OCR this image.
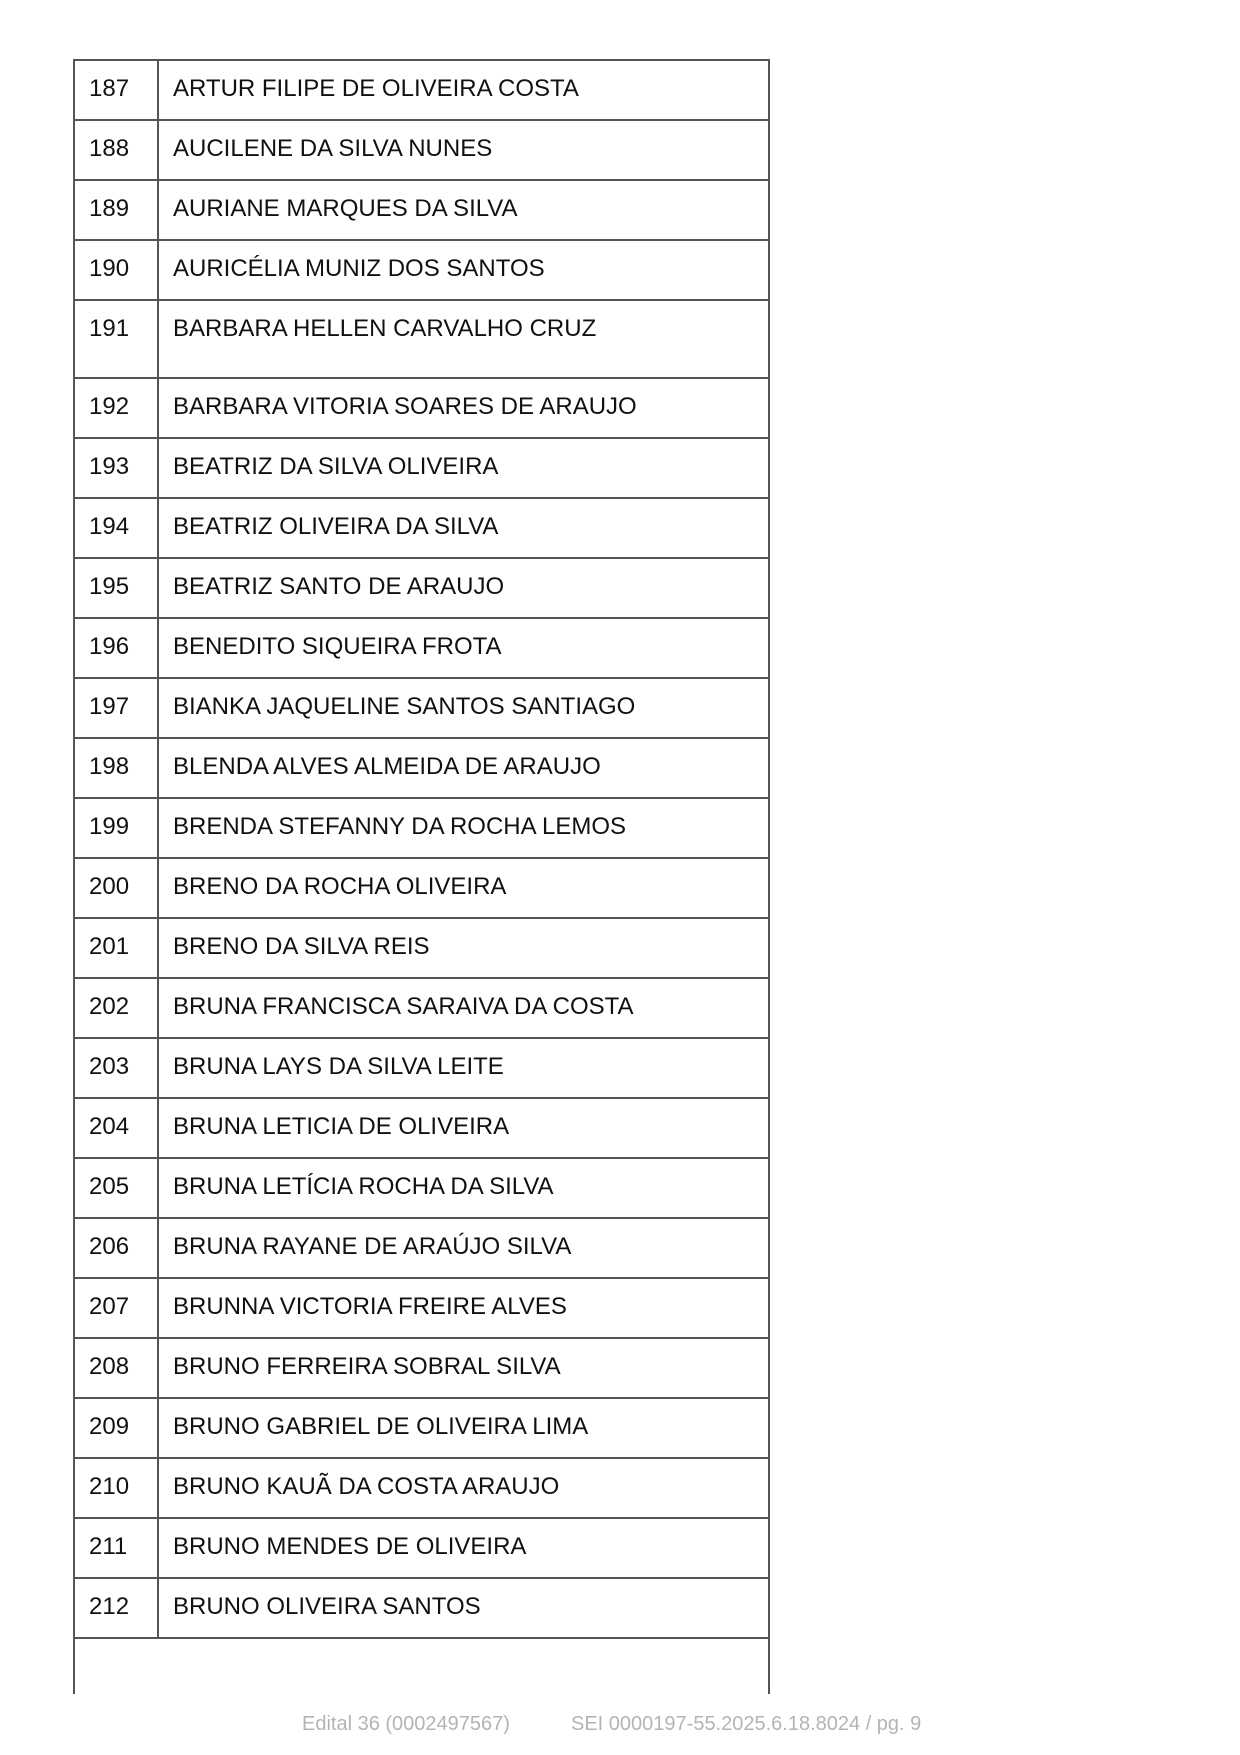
187	ARTUR FILIPE DE OLIVEIRA COSTA
188	AUCILENE DA SILVA NUNES
189	AURIANE MARQUES DA SILVA
190	AURICÉLIA MUNIZ DOS SANTOS
191	BARBARA HELLEN CARVALHO CRUZ
192	BARBARA VITORIA SOARES DE ARAUJO
193	BEATRIZ DA SILVA OLIVEIRA
194	BEATRIZ OLIVEIRA DA SILVA
195	BEATRIZ SANTO DE ARAUJO
196	BENEDITO SIQUEIRA FROTA
197	BIANKA JAQUELINE SANTOS SANTIAGO
198	BLENDA ALVES ALMEIDA DE ARAUJO
199	BRENDA STEFANNY DA ROCHA LEMOS
200	BRENO DA ROCHA OLIVEIRA
201	BRENO DA SILVA REIS
202	BRUNA FRANCISCA SARAIVA DA COSTA
203	BRUNA LAYS DA SILVA LEITE
204	BRUNA LETICIA DE OLIVEIRA
205	BRUNA LETÍCIA ROCHA DA SILVA
206	BRUNA RAYANE DE ARAÚJO SILVA
207	BRUNNA VICTORIA FREIRE ALVES
208	BRUNO FERREIRA SOBRAL SILVA
209	BRUNO GABRIEL DE OLIVEIRA LIMA
210	BRUNO KAUÃ DA COSTA ARAUJO
211	BRUNO MENDES DE OLIVEIRA
212	BRUNO OLIVEIRA SANTOS
Edital 36 (0002497567)	SEI 0000197-55.2025.6.18.8024 / pg. 9
